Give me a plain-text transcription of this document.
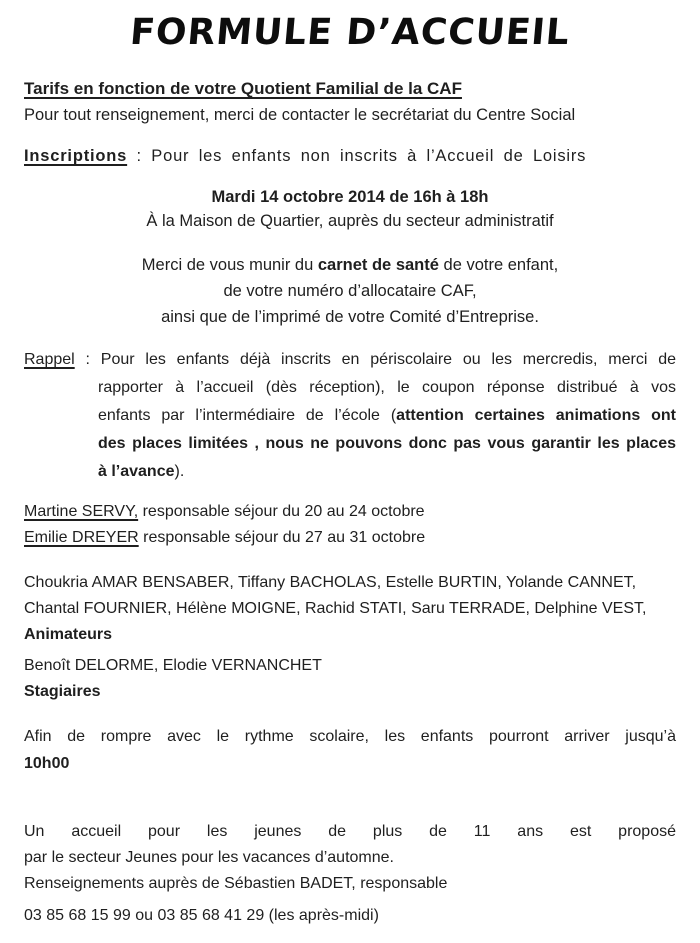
FORMULE D’ACCUEIL
Tarifs en fonction de votre Quotient Familial de la CAF
Pour tout renseignement, merci de contacter le secrétariat du Centre Social
Inscriptions : Pour les enfants non inscrits à l’Accueil de Loisirs
Mardi 14 octobre 2014 de 16h à 18h
À la Maison de Quartier, auprès du secteur administratif
Merci de vous munir du carnet de santé de votre enfant,
de votre numéro d’allocataire CAF,
ainsi que de l’imprimé de votre Comité d’Entreprise.
Rappel : Pour les enfants déjà inscrits en périscolaire ou les mercredis, merci de
rapporter à l’accueil (dès réception), le coupon réponse distribué à vos
enfants par l’intermédiaire de l’école (attention certaines animations ont
des places limitées , nous ne pouvons donc pas vous garantir les places
à l’avance).
Martine SERVY, responsable séjour du 20 au 24 octobre
Emilie DREYER responsable séjour du 27 au 31 octobre
Choukria AMAR BENSABER, Tiffany BACHOLAS, Estelle BURTIN, Yolande CANNET,
Chantal FOURNIER, Hélène MOIGNE, Rachid STATI, Saru TERRADE, Delphine VEST,
Animateurs
Benoît DELORME, Elodie VERNANCHET
Stagiaires
Afin de rompre avec le rythme scolaire, les enfants pourront arriver jusqu’à
10h00
Un accueil pour les jeunes de plus de 11 ans est proposé
par le secteur Jeunes pour les vacances d’automne.
Renseignements auprès de Sébastien BADET, responsable
03 85 68 15 99 ou 03 85 68 41 29 (les après-midi)
